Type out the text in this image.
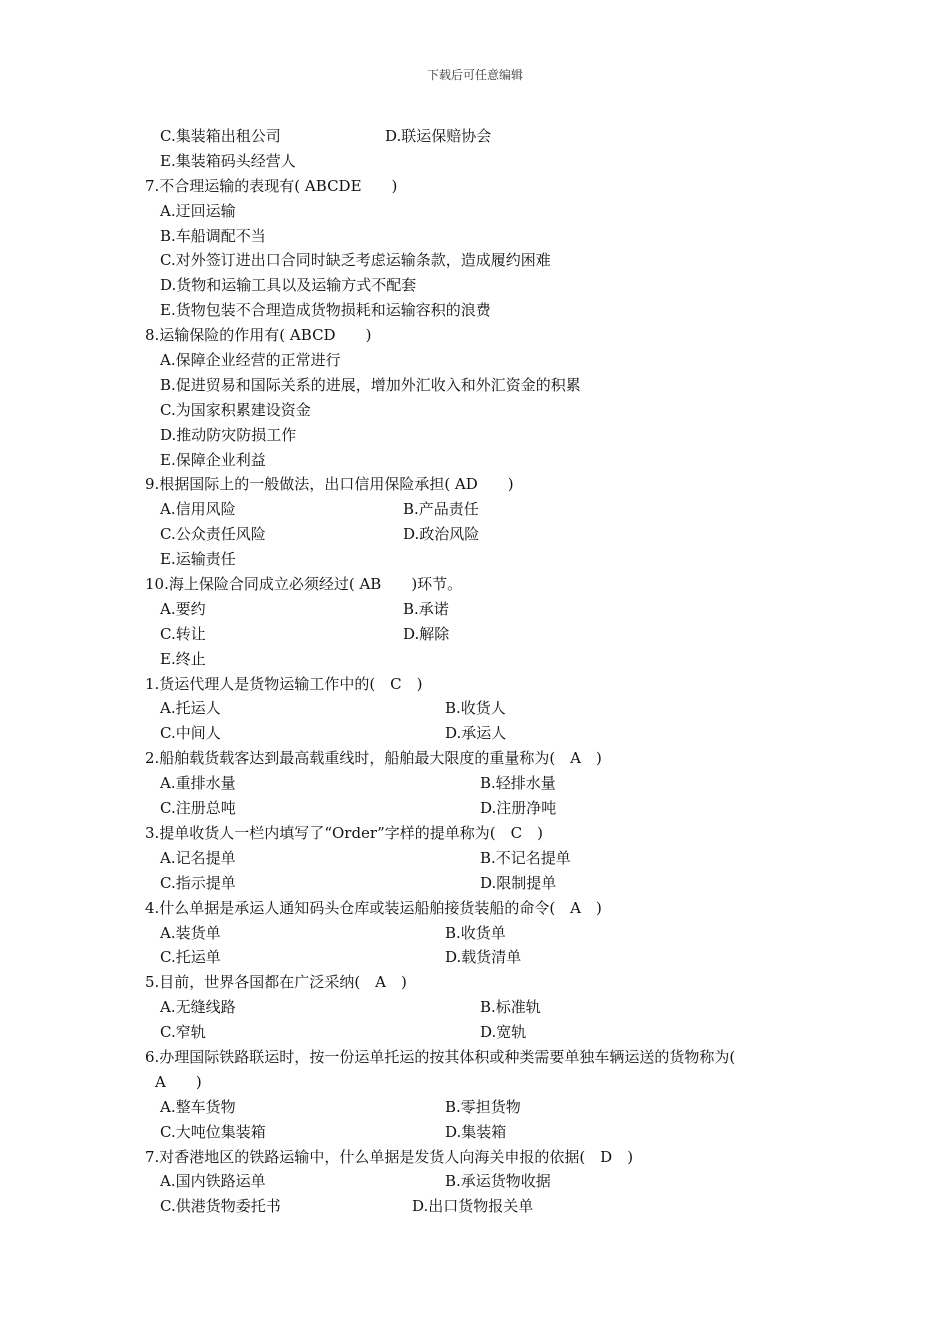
下载后可任意编辑
C.集装箱出租公司	D.联运保赔协会
E.集装箱码头经营人
7.不合理运输的表现有( ABCDE　　)
A.迂回运输
B.车船调配不当
C.对外签订进出口合同时缺乏考虑运输条款，造成履约困难
D.货物和运输工具以及运输方式不配套
E.货物包装不合理造成货物损耗和运输容积的浪费
8.运输保险的作用有( ABCD　　)
A.保障企业经营的正常进行
B.促进贸易和国际关系的进展，增加外汇收入和外汇资金的积累
C.为国家积累建设资金
D.推动防灾防损工作
E.保障企业利益
9.根据国际上的一般做法，出口信用保险承担( AD　　)
A.信用风险	B.产品责任
C.公众责任风险	D.政治风险
E.运输责任
10.海上保险合同成立必须经过( AB　　)环节。
A.要约	B.承诺
C.转让	D.解除
E.终止
1.货运代理人是货物运输工作中的(　C　)
A.托运人	B.收货人
C.中间人	D.承运人
2.船舶载货载客达到最高载重线时，船舶最大限度的重量称为(　A　)
A.重排水量	B.轻排水量
C.注册总吨	D.注册净吨
3.提单收货人一栏内填写了“Order”字样的提单称为(　C　)
A.记名提单	B.不记名提单
C.指示提单	D.限制提单
4.什么单据是承运人通知码头仓库或装运船舶接货装船的命令(　A　)
A.装货单	B.收货单
C.托运单	D.载货清单
5.目前，世界各国都在广泛采纳(　A　)
A.无缝线路	B.标准轨
C.窄轨	D.宽轨
6.办理国际铁路联运时，按一份运单托运的按其体积或种类需要单独车辆运送的货物称为(
A　　)
A.整车货物	B.零担货物
C.大吨位集装箱	D.集装箱
7.对香港地区的铁路运输中，什么单据是发货人向海关申报的依据(　D　)
A.国内铁路运单	B.承运货物收据
C.供港货物委托书	D.出口货物报关单
